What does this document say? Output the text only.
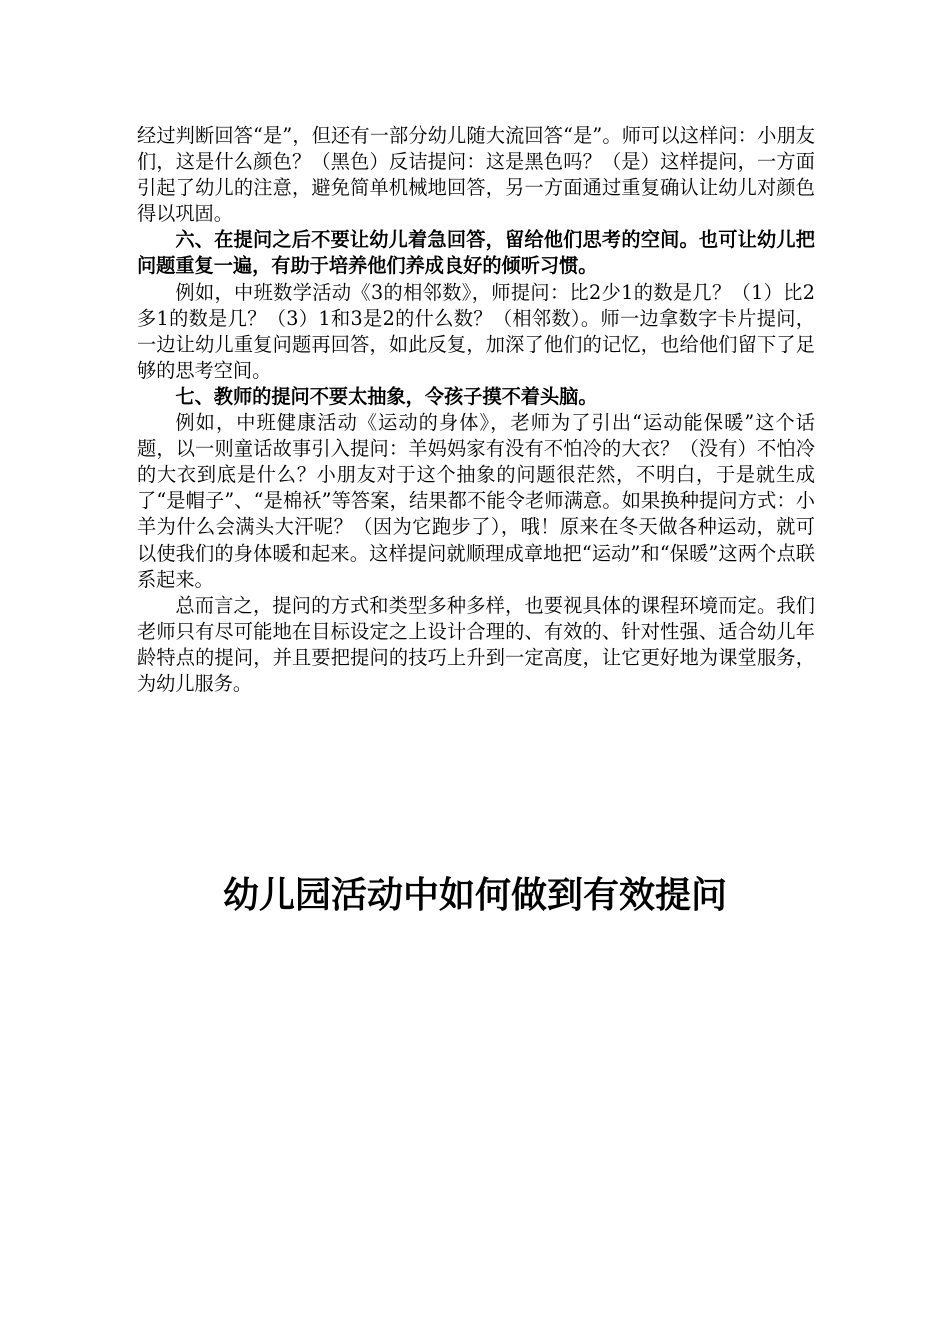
经过判断回答“是”，但还有一部分幼儿随大流回答“是”。师可以这样问：小朋友们，这是什么颜色？（黑色）反诘提问：这是黑色吗？（是）这样提问，一方面引起了幼儿的注意，避免简单机械地回答，另一方面通过重复确认让幼儿对颜色得以巩固。

六、在提问之后不要让幼儿着急回答，留给他们思考的空间。也可让幼儿把问题重复一遍，有助于培养他们养成良好的倾听习惯。

例如，中班数学活动《3的相邻数》，师提问：比2少1的数是几？（1）比2多1的数是几？（3）1和3是2的什么数？（相邻数）。师一边拿数字卡片提问，一边让幼儿重复问题再回答，如此反复，加深了他们的记忆，也给他们留下了足够的思考空间。

七、教师的提问不要太抽象，令孩子摸不着头脑。

例如，中班健康活动《运动的身体》，老师为了引出“运动能保暖”这个话题，以一则童话故事引入提问：羊妈妈家有没有不怕冷的大衣？（没有）不怕冷的大衣到底是什么？小朋友对于这个抽象的问题很茫然，不明白，于是就生成了“是帽子”、“是棉袄”等答案，结果都不能令老师满意。如果换种提问方式：小羊为什么会满头大汗呢？（因为它跑步了），哦！原来在冬天做各种运动，就可以使我们的身体暖和起来。这样提问就顺理成章地把“运动”和“保暖”这两个点联系起来。

总而言之，提问的方式和类型多种多样，也要视具体的课程环境而定。我们老师只有尽可能地在目标设定之上设计合理的、有效的、针对性强、适合幼儿年龄特点的提问，并且要把提问的技巧上升到一定高度，让它更好地为课堂服务，为幼儿服务。

幼儿园活动中如何做到有效提问
